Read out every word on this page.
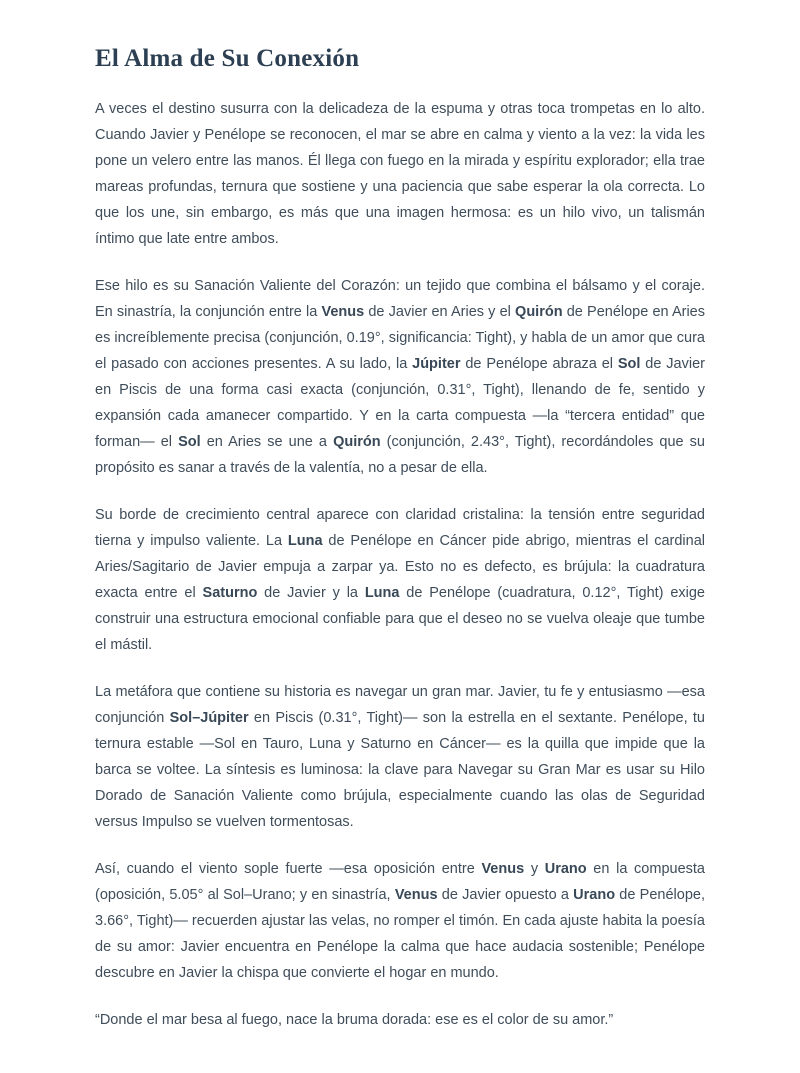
El Alma de Su Conexión

A veces el destino susurra con la delicadeza de la espuma y otras toca trompetas en lo alto. Cuando Javier y Penélope se reconocen, el mar se abre en calma y viento a la vez: la vida les pone un velero entre las manos. Él llega con fuego en la mirada y espíritu explorador; ella trae mareas profundas, ternura que sostiene y una paciencia que sabe esperar la ola correcta. Lo que los une, sin embargo, es más que una imagen hermosa: es un hilo vivo, un talismán íntimo que late entre ambos.

Ese hilo es su Sanación Valiente del Corazón: un tejido que combina el bálsamo y el coraje. En sinastría, la conjunción entre la Venus de Javier en Aries y el Quirón de Penélope en Aries es increíblemente precisa (conjunción, 0.19°, significancia: Tight), y habla de un amor que cura el pasado con acciones presentes. A su lado, la Júpiter de Penélope abraza el Sol de Javier en Piscis de una forma casi exacta (conjunción, 0.31°, Tight), llenando de fe, sentido y expansión cada amanecer compartido. Y en la carta compuesta —la “tercera entidad” que forman— el Sol en Aries se une a Quirón (conjunción, 2.43°, Tight), recordándoles que su propósito es sanar a través de la valentía, no a pesar de ella.

Su borde de crecimiento central aparece con claridad cristalina: la tensión entre seguridad tierna y impulso valiente. La Luna de Penélope en Cáncer pide abrigo, mientras el cardinal Aries/Sagitario de Javier empuja a zarpar ya. Esto no es defecto, es brújula: la cuadratura exacta entre el Saturno de Javier y la Luna de Penélope (cuadratura, 0.12°, Tight) exige construir una estructura emocional confiable para que el deseo no se vuelva oleaje que tumbe el mástil.

La metáfora que contiene su historia es navegar un gran mar. Javier, tu fe y entusiasmo —esa conjunción Sol–Júpiter en Piscis (0.31°, Tight)— son la estrella en el sextante. Penélope, tu ternura estable —Sol en Tauro, Luna y Saturno en Cáncer— es la quilla que impide que la barca se voltee. La síntesis es luminosa: la clave para Navegar su Gran Mar es usar su Hilo Dorado de Sanación Valiente como brújula, especialmente cuando las olas de Seguridad versus Impulso se vuelven tormentosas.

Así, cuando el viento sople fuerte —esa oposición entre Venus y Urano en la compuesta (oposición, 5.05° al Sol–Urano; y en sinastría, Venus de Javier opuesto a Urano de Penélope, 3.66°, Tight)— recuerden ajustar las velas, no romper el timón. En cada ajuste habita la poesía de su amor: Javier encuentra en Penélope la calma que hace audacia sostenible; Penélope descubre en Javier la chispa que convierte el hogar en mundo.

“Donde el mar besa al fuego, nace la bruma dorada: ese es el color de su amor.”
